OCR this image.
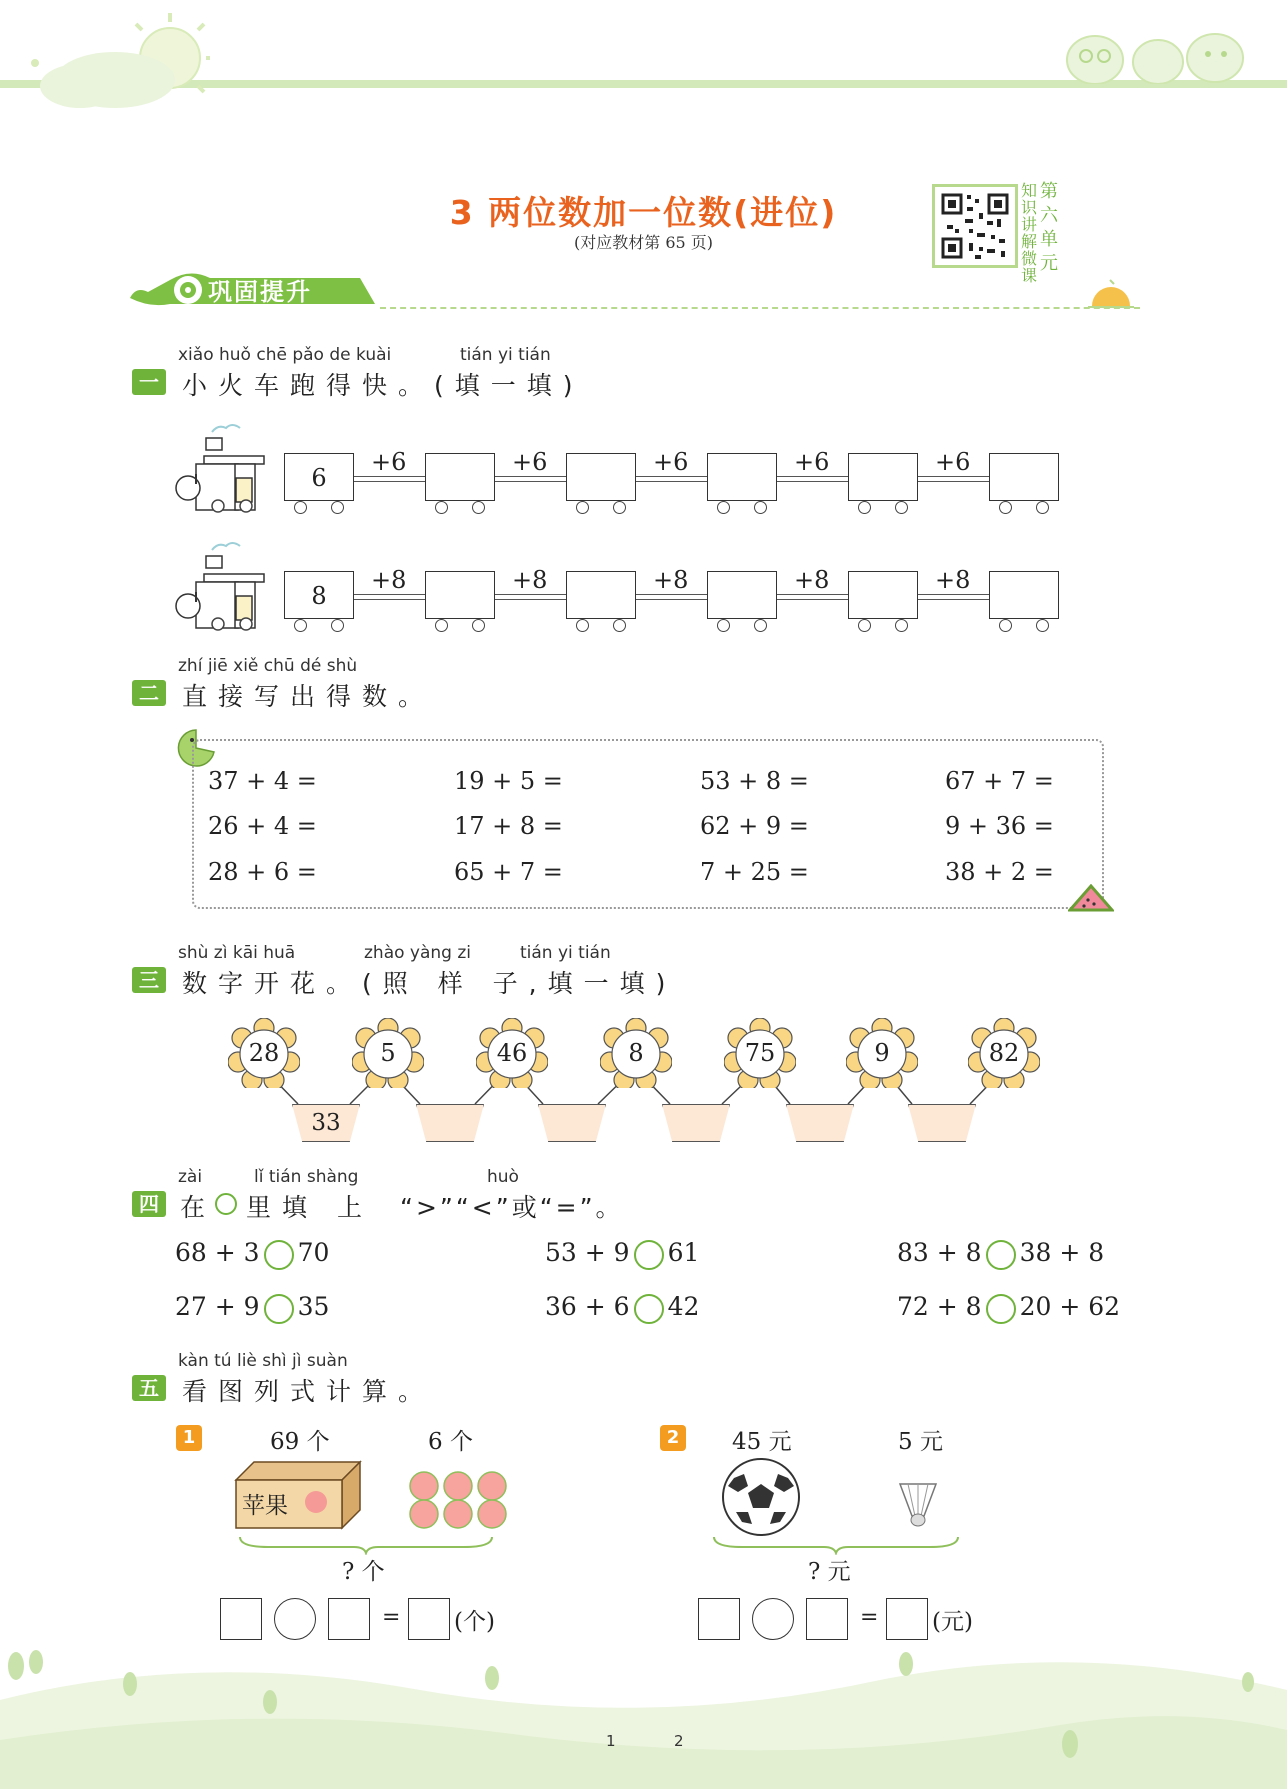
3 两位数加一位数(进位)
(对应教材第 65 页)
知
识
讲
解
微
课
第
六
单
元
巩固提升
xiǎo huǒ chē pǎo de kuài	tián yi tián
一 小火车跑得快。(填一填)
6
+6	+6	+6	+6	+6
8
+8	+8	+8	+8	+8
zhí jiē xiě chū dé shù
二 直接写出得数。
37 + 4 =	19 + 5 =	53 + 8 =	67 + 7 =
26 + 4 =	17 + 8 =	62 + 9 =	9 + 36 =
28 + 6 =	65 + 7 =	7 + 25 =	38 + 2 =
shù zì kāi huā	zhào yàng zi	tián yi tián
三 数字开花。(照 样 子,填一填)
28	5	46	8	75	9	82
33
zài	lǐ tián shàng	huò
四 在 里填 上 “>”“<”或“=”。
68 + 3 70	53 + 9 61	83 + 8 38 + 8
27 + 9 35	36 + 6 42	72 + 8 20 + 62
kàn tú liè shì jì suàn
五 看图列式计算。
1	69 个	6 个
苹果
? 个
= (个)
2 45 元	5 元
? 元
= (元)
1	2
